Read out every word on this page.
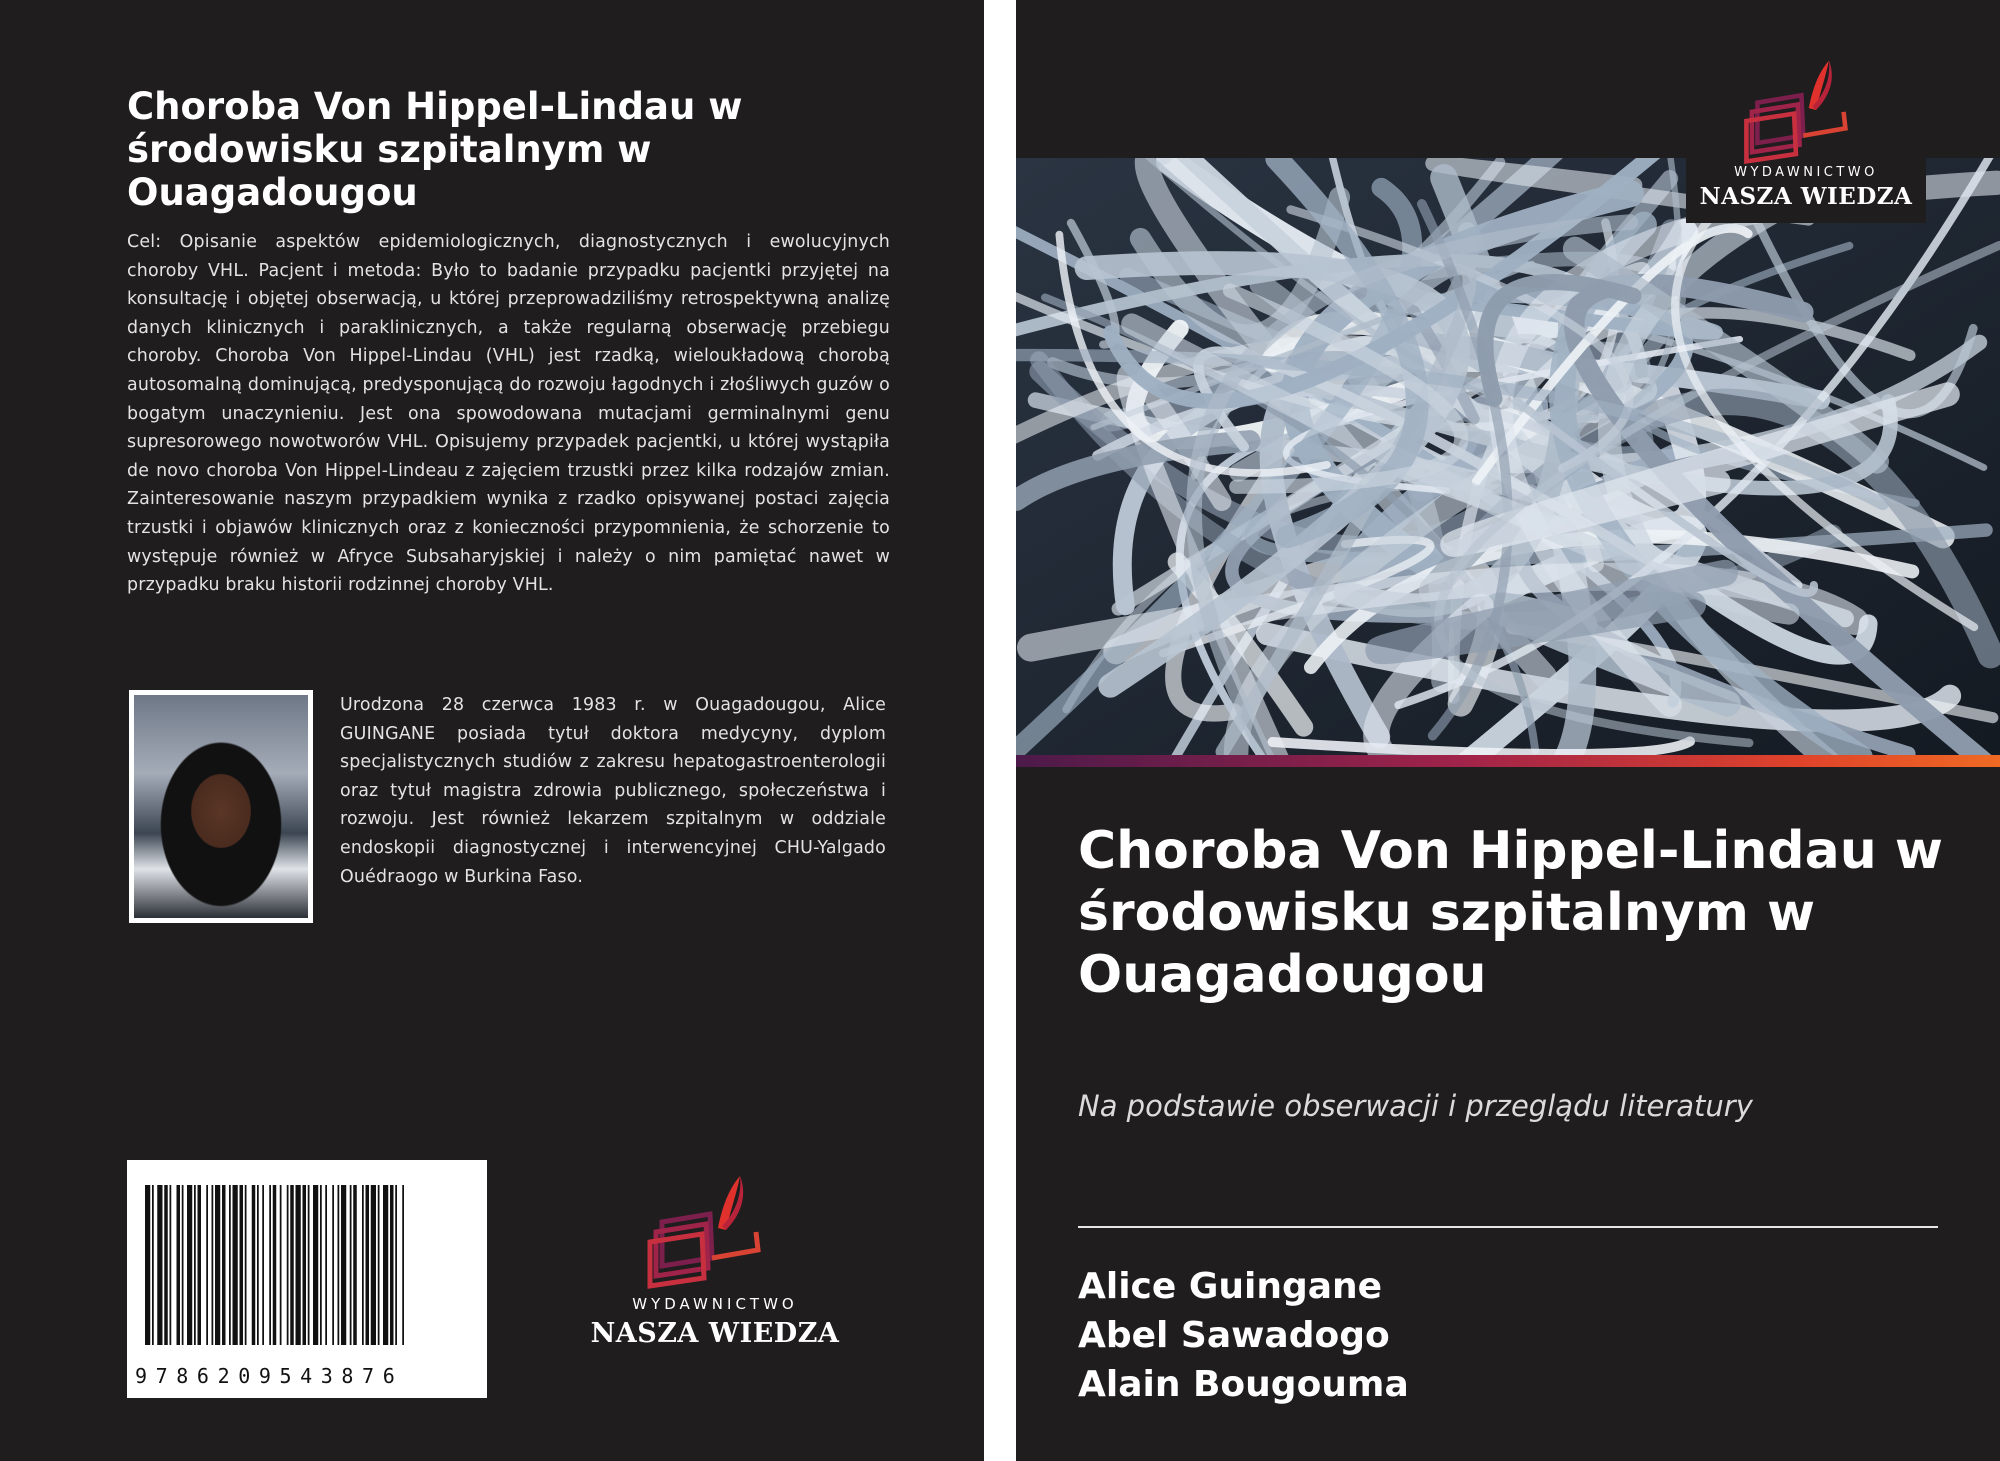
Choroba Von Hippel-Lindau w środowisku szpitalnym w Ouagadougou

Cel: Opisanie aspektów epidemiologicznych, diagnostycznych i ewolucyjnych choroby VHL. Pacjent i metoda: Było to badanie przypadku pacjentki przyjętej na konsultację i objętej obserwacją, u której przeprowadziliśmy retrospektywną analizę danych klinicznych i paraklinicznych, a także regularną obserwację przebiegu choroby. Choroba Von Hippel-Lindau (VHL) jest rzadką, wieloukładową chorobą autosomalną dominującą, predysponującą do rozwoju łagodnych i złośliwych guzów o bogatym unaczynieniu. Jest ona spowodowana mutacjami germinalnymi genu supresorowego nowotworów VHL. Opisujemy przypadek pacjentki, u której wystąpiła de novo choroba Von Hippel-Lindeau z zajęciem trzustki przez kilka rodzajów zmian. Zainteresowanie naszym przypadkiem wynika z rzadko opisywanej postaci zajęcia trzustki i objawów klinicznych oraz z konieczności przypomnienia, że schorzenie to występuje również w Afryce Subsaharyjskiej i należy o nim pamiętać nawet w przypadku braku historii rodzinnej choroby VHL.

Urodzona 28 czerwca 1983 r. w Ouagadougou, Alice GUINGANE posiada tytuł doktora medycyny, dyplom specjalistycznych studiów z zakresu hepatogastroenterologii oraz tytuł magistra zdrowia publicznego, społeczeństwa i rozwoju. Jest również lekarzem szpitalnym w oddziale endoskopii diagnostycznej i interwencyjnej CHU-Yalgado Ouédraogo w Burkina Faso.

9786209543876
WYDAWNICTWO
NASZA WIEDZA
WYDAWNICTWO
NASZA WIEDZA
Choroba Von Hippel-Lindau w środowisku szpitalnym w Ouagadougou

Na podstawie obserwacji i przeglądu literatury

Alice Guingane
Abel Sawadogo
Alain Bougouma
